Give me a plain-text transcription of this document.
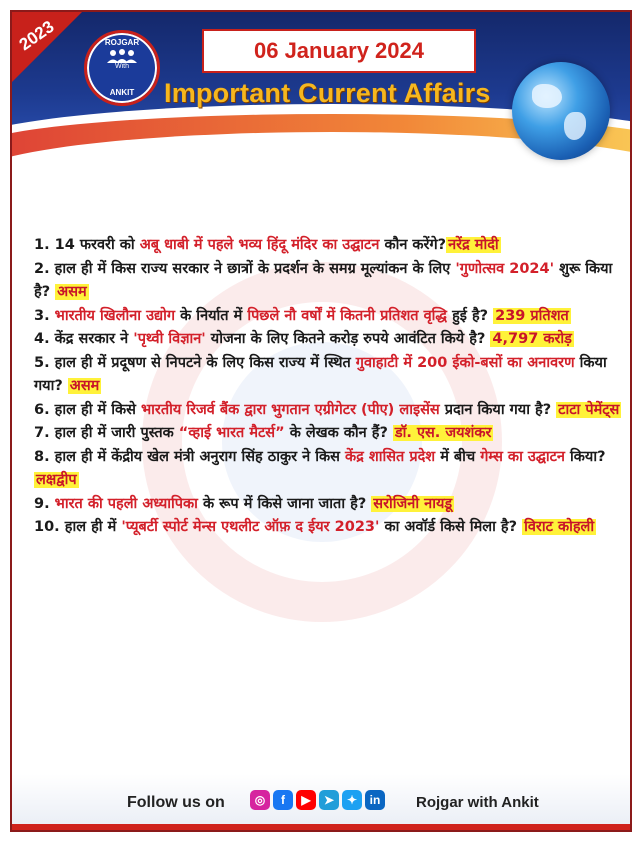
2023	ROJGAR
With
ANKIT
06 January 2024
Important Current Affairs

1. 14 फरवरी को अबू धाबी में पहले भव्य हिंदू मंदिर का उद्घाटन कौन करेंगे? नरेंद्र मोदी

2. हाल ही में किस राज्य सरकार ने छात्रों के प्रदर्शन के समग्र मूल्यांकन के लिए 'गुणोत्सव 2024' शुरू किया है? असम

3. भारतीय खिलौना उद्योग के निर्यात में पिछले नौ वर्षों में कितनी प्रतिशत वृद्धि हुई है? 239 प्रतिशत

4. केंद्र सरकार ने 'पृथ्वी विज्ञान' योजना के लिए कितने करोड़ रुपये आवंटित किये है? 4,797 करोड़

5. हाल ही में प्रदूषण से निपटने के लिए किस राज्य में स्थित गुवाहाटी में 200 ईको-बसों का अनावरण किया गया? असम

6. हाल ही में किसे भारतीय रिजर्व बैंक द्वारा भुगतान एग्रीगेटर (पीए) लाइसेंस प्रदान किया गया है? टाटा पेमेंट्स

7. हाल ही में जारी पुस्तक “व्हाई भारत मैटर्स” के लेखक कौन हैं? डॉ. एस. जयशंकर

8. हाल ही में केंद्रीय खेल मंत्री अनुराग सिंह ठाकुर ने किस केंद्र शासित प्रदेश में बीच गेम्स का उद्घाटन किया? लक्षद्वीप

9. भारत की पहली अध्यापिका के रूप में किसे जाना जाता है? सरोजिनी नायडू

10. हाल ही में 'प्यूबर्टी स्पोर्ट मेन्स एथलीट ऑफ़ द ईयर 2023' का अवॉर्ड किसे मिला है? विराट कोहली

Follow us on	◎	f	▶	➤	✦	in	Rojgar with Ankit
